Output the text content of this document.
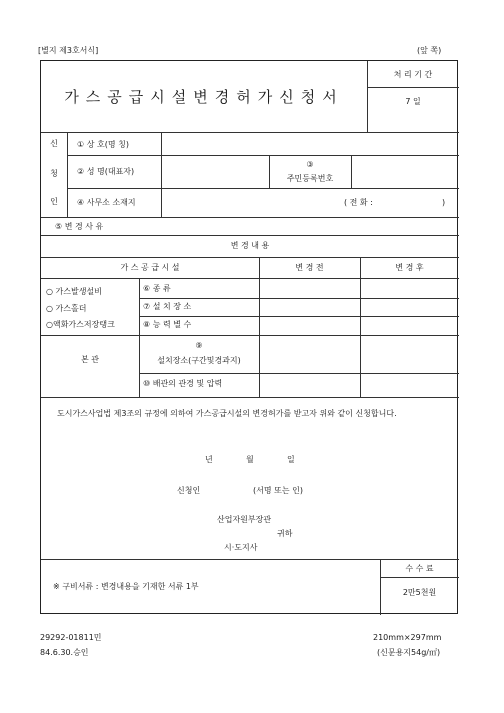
[별지 제3호서식]	(앞 쪽)
가스공급시설변경허가신청서
처 리 기 간
7 일
신
청
인
① 상 호(명 칭)
② 성 명(대표자)
③
주민등록번호
④ 사무소 소재지	( 전 화 :	)
⑤ 변 경 사 유
변 경 내 용
가 스 공 급 시 설	변 경 전	변 경 후
○ 가스발생설비
○ 가스홀더
○액화가스저장탱크
⑥ 종 류
⑦ 설 치 장 소
⑧ 능 력 별 수
본 관
⑨
설치장소(구간및경과지)
⑩ 배관의 관경 및 압력
도시가스사업법 제3조의 규정에 의하여 가스공급시설의 변경허가를 받고자 위와 같이 신청합니다.
년	월	일
신청인	(서명 또는 인)
산업자원부장관
귀하
시·도지사
※ 구비서류 : 변경내용을 기재한 서류 1부
수 수 료
2만5천원
29292-01811민
84.6.30.승인
210mm×297mm
(신문용지54g/㎡)
